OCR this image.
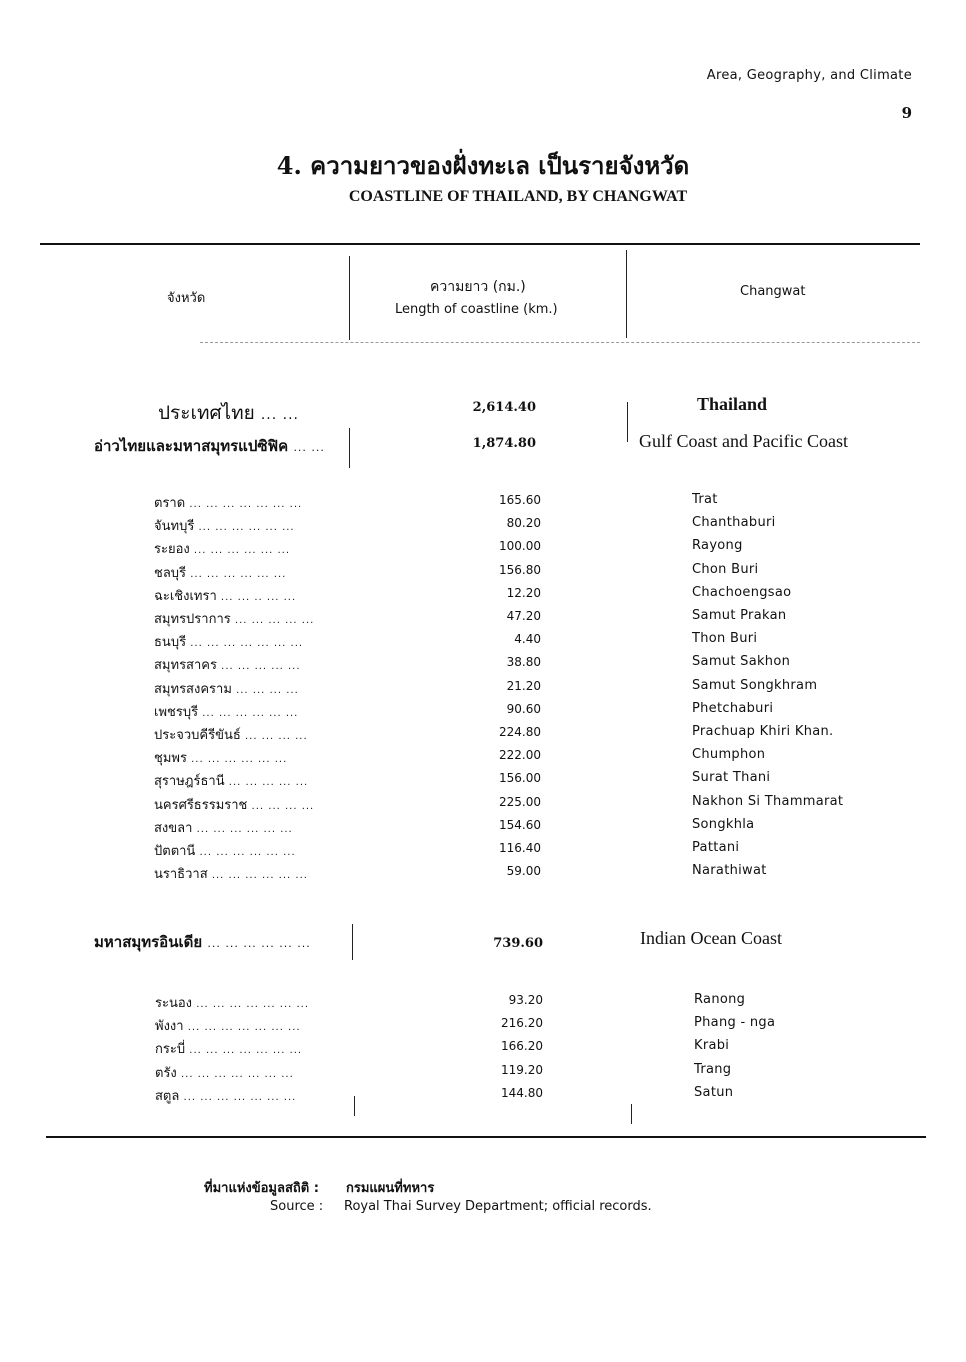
Area, Geography, and Climate
9
4. ความยาวของฝั่งทะเล เป็นรายจังหวัด
COASTLINE OF THAILAND, BY CHANGWAT
จังหวัด
ความยาว (กม.)
Length of coastline (km.)
Changwat
ประเทศไทย ... ...	2,614.40	Thailand
อ่าวไทยและมหาสมุทรแปซิฟิค ... ...	1,874.80	Gulf Coast and Pacific Coast
ตราด ... ... ... ... ... ... ...	165.60	Trat
จันทบุรี ... ... ... ... ... ...	80.20	Chanthaburi
ระยอง ... ... ... ... ... ...	100.00	Rayong
ชลบุรี ... ... ... ... ... ...	156.80	Chon Buri
ฉะเชิงเทรา ... ... .. ... ...	12.20	Chachoengsao
สมุทรปราการ ... ... ... ... ...	47.20	Samut Prakan
ธนบุรี ... ... ... ... ... ... ...	4.40	Thon Buri
สมุทรสาคร ... ... ... ... ...	38.80	Samut Sakhon
สมุทรสงคราม ... ... ... ...	21.20	Samut Songkhram
เพชรบุรี ... ... ... ... ... ...	90.60	Phetchaburi
ประจวบคีรีขันธ์ ... ... ... ...	224.80	Prachuap Khiri Khan.
ชุมพร ... ... ... ... ... ...	222.00	Chumphon
สุราษฎร์ธานี ... ... ... ... ...	156.00	Surat Thani
นครศรีธรรมราช ... ... ... ...	225.00	Nakhon Si Thammarat
สงขลา ... ... ... ... ... ...	154.60	Songkhla
ปัตตานี ... ... ... ... ... ...	116.40	Pattani
นราธิวาส ... ... ... ... ... ...	59.00	Narathiwat
มหาสมุทรอินเดีย ... ... ... ... ... ...	739.60	Indian Ocean Coast
ระนอง ... ... ... ... ... ... ...	93.20	Ranong
พังงา ... ... ... ... ... ... ...	216.20	Phang - nga
กระบี่ ... ... ... ... ... ... ...	166.20	Krabi
ตรัง ... ... ... ... ... ... ...	119.20	Trang
สตูล ... ... ... ... ... ... ...	144.80	Satun
ที่มาแห่งข้อมูลสถิติ : กรมแผนที่ทหาร
Source : Royal Thai Survey Department; official records.
